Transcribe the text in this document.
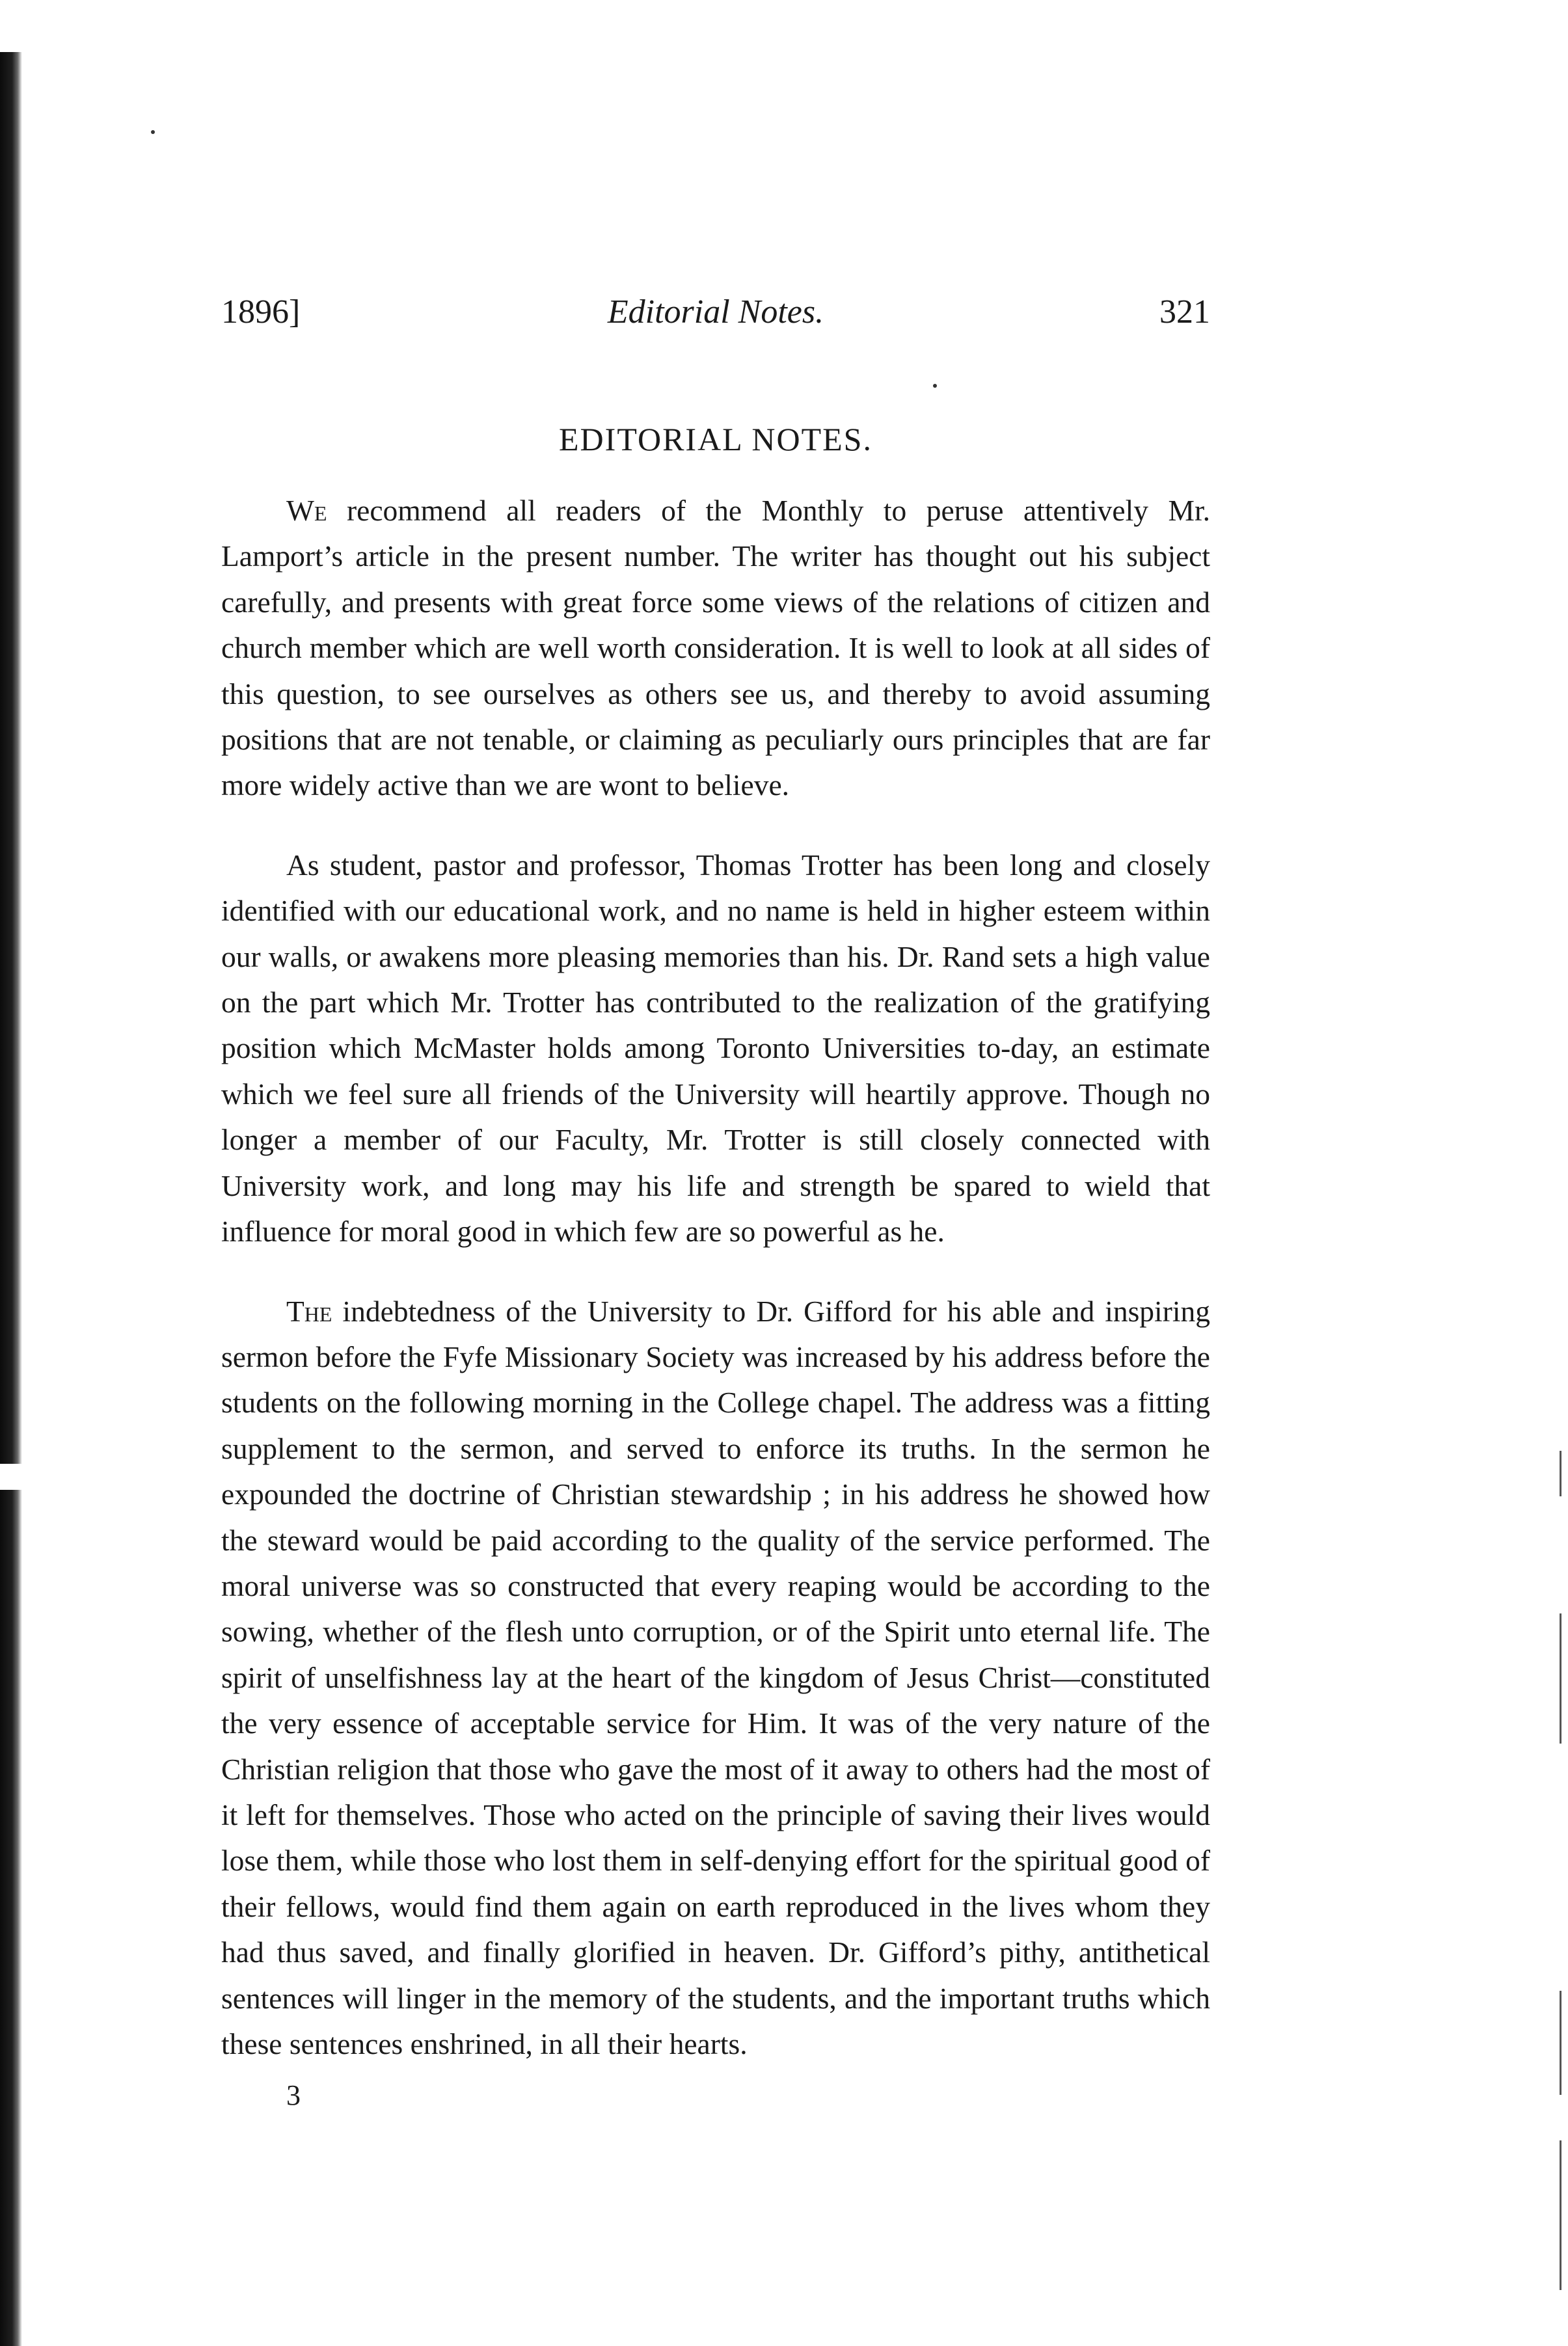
1896]	Editorial Notes.	321
EDITORIAL NOTES.

We recommend all readers of the Monthly to peruse attentively Mr. Lamport’s article in the present number. The writer has thought out his subject carefully, and presents with great force some views of the relations of citizen and church member which are well worth consideration. It is well to look at all sides of this question, to see ourselves as others see us, and thereby to avoid assuming positions that are not tenable, or claiming as peculiarly ours principles that are far more widely active than we are wont to believe.

As student, pastor and professor, Thomas Trotter has been long and closely identified with our educational work, and no name is held in higher esteem within our walls, or awakens more pleasing memories than his. Dr. Rand sets a high value on the part which Mr. Trotter has contributed to the realization of the gratifying position which McMaster holds among Toronto Universities to-day, an estimate which we feel sure all friends of the University will heartily approve. Though no longer a member of our Faculty, Mr. Trotter is still closely connected with University work, and long may his life and strength be spared to wield that influence for moral good in which few are so powerful as he.

The indebtedness of the University to Dr. Gifford for his able and inspiring sermon before the Fyfe Missionary Society was increased by his address before the students on the following morning in the College chapel. The address was a fitting supplement to the sermon, and served to enforce its truths. In the sermon he expounded the doctrine of Christian stewardship ; in his address he showed how the steward would be paid according to the quality of the service performed. The moral universe was so constructed that every reaping would be according to the sowing, whether of the flesh unto corruption, or of the Spirit unto eternal life. The spirit of unselfishness lay at the heart of the kingdom of Jesus Christ—constituted the very essence of acceptable service for Him. It was of the very nature of the Christian religion that those who gave the most of it away to others had the most of it left for themselves. Those who acted on the principle of saving their lives would lose them, while those who lost them in self-denying effort for the spiritual good of their fellows, would find them again on earth reproduced in the lives whom they had thus saved, and finally glorified in heaven. Dr. Gifford’s pithy, antithetical sentences will linger in the memory of the students, and the important truths which these sentences enshrined, in all their hearts.

3
